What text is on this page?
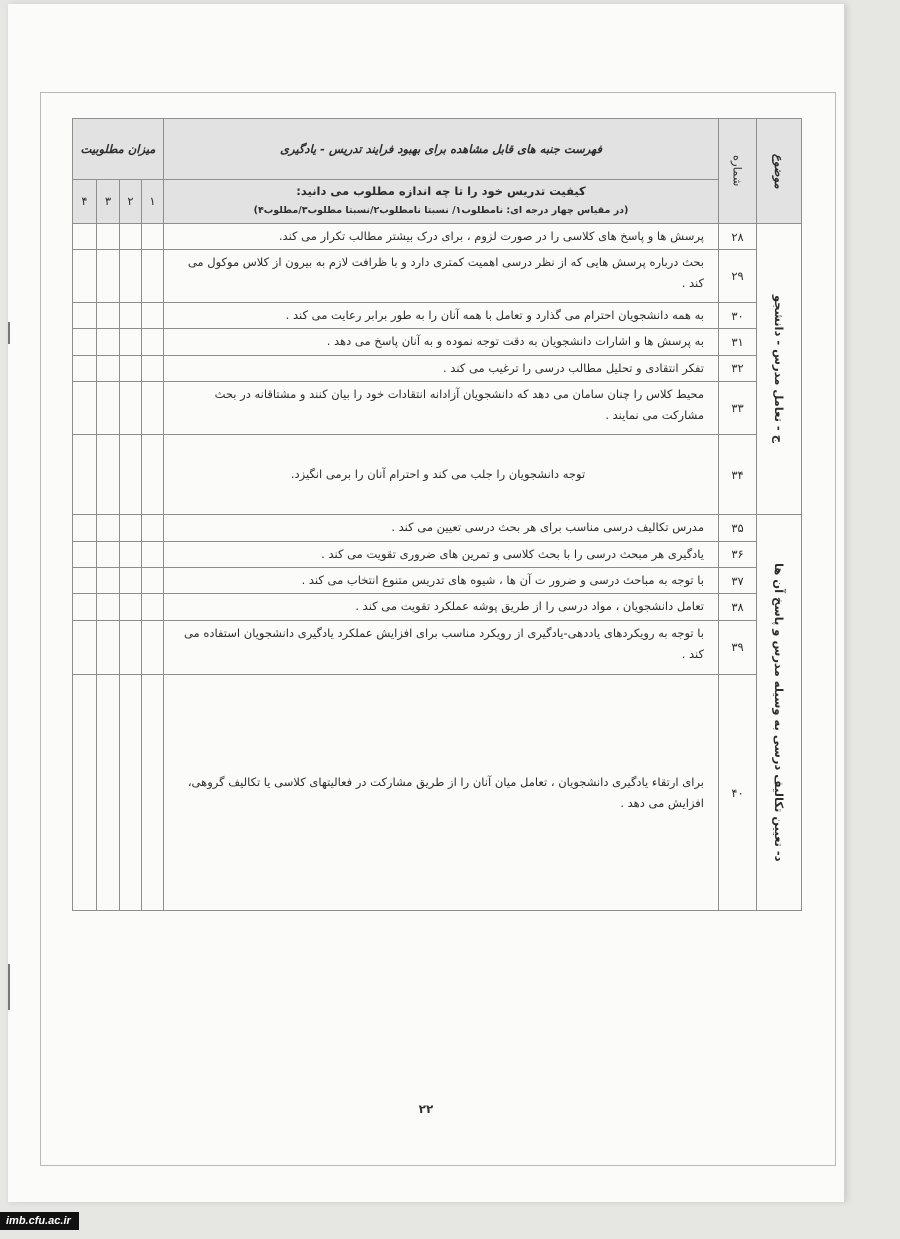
موضوع	شماره	فهرست جنبه های قابل مشاهده برای بهبود فرایند تدریس - یادگیری	میزان مطلوبیت			

		کیفیت تدریس خود را تا چه اندازه مطلوب می دانید:
(در مقیاس چهار درجه ای: نامطلوب۱/ نسبتا نامطلوب۲/نسبتا مطلوب۳/مطلوب۴)	۱	۲	۳	۴
ج - تعامل مدرس - دانشجو	۲۸	پرسش ها و پاسخ های کلاسی را در صورت لزوم ، برای درک بیشتر مطالب تکرار می کند.				
	۲۹	بحث درباره پرسش هایی که از نظر درسی اهمیت کمتری دارد و با ظرافت لازم به بیرون از کلاس موکول می کند .				
	۳۰	به همه دانشجویان احترام می گذارد و تعامل با همه آنان را به طور برابر رعایت می کند .				
	۳۱	به پرسش ها و اشارات دانشجویان به دقت توجه نموده و به آنان پاسخ می دهد .				
	۳۲	تفکر انتقادی و تحلیل مطالب درسی را ترغیب می کند .				
	۳۳	محیط کلاس را چنان سامان می دهد که دانشجویان آزادانه انتقادات خود را بیان کنند و مشتاقانه در بحث مشارکت می نمایند .				
	۳۴	توجه دانشجویان را جلب می کند و احترام آنان را برمی انگیزد.				
د- تعیین تکالیف درسی به وسیله مدرس و پاسخ آن ها	۳۵	مدرس تکالیف درسی مناسب برای هر بحث درسی تعیین می کند .				
	۳۶	یادگیری هر مبحث درسی را با بحث کلاسی و تمرین های ضروری تقویت می کند .				
	۳۷	با توجه به مباحث درسی و ضرور ت آن ها ، شیوه های تدریس متنوع انتخاب می کند .				
	۳۸	تعامل دانشجویان ، مواد درسی را از طریق پوشه عملکرد تقویت می کند .				
	۳۹	با توجه به رویکردهای یاددهی-یادگیری از رویکرد مناسب برای افزایش عملکرد یادگیری دانشجویان استفاده می کند .				
	۴۰	برای ارتقاء یادگیری دانشجویان ، تعامل میان آنان را از طریق مشارکت در فعالیتهای کلاسی یا تکالیف گروهی، افزایش می دهد .				
۲۲
imb.cfu.ac.ir
